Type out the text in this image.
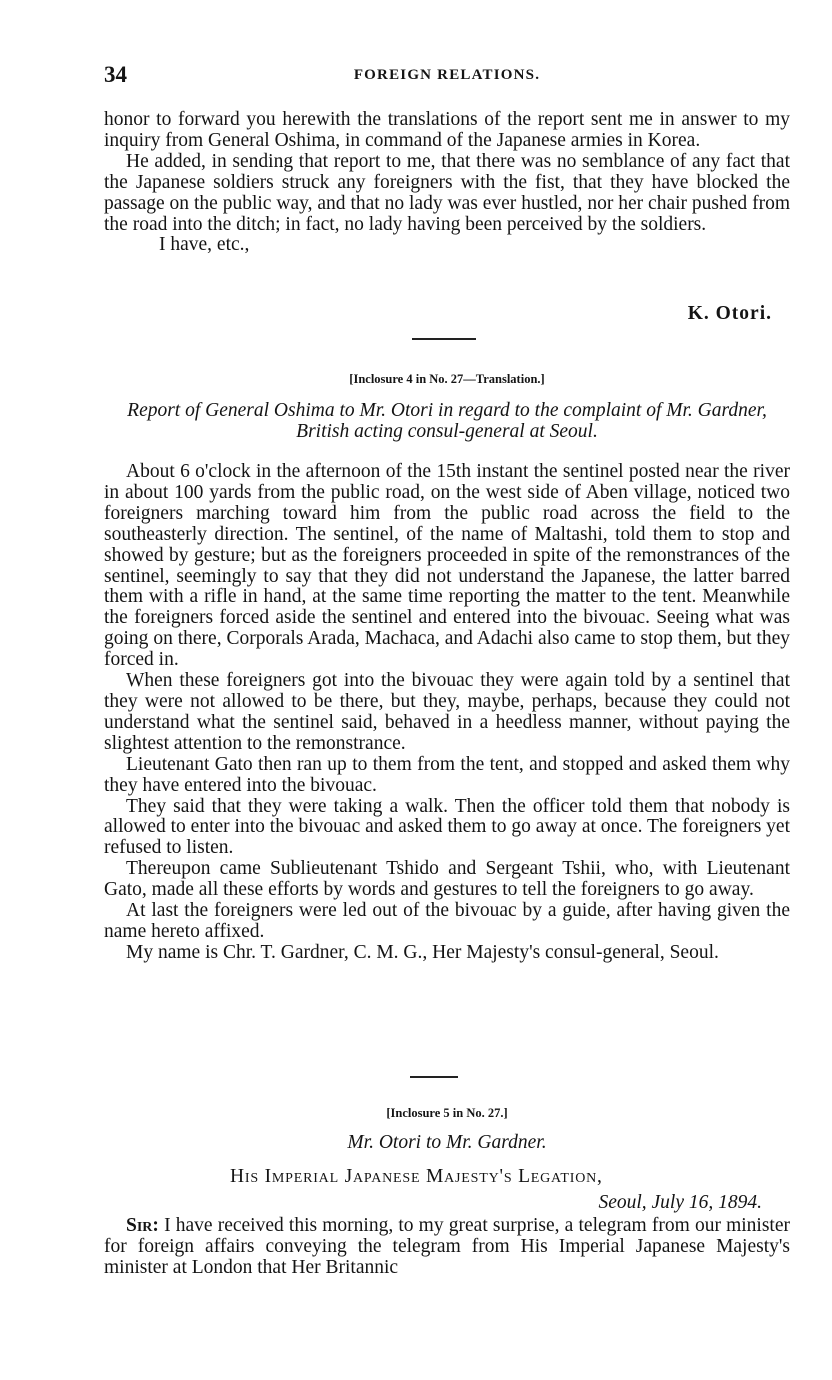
34	FOREIGN RELATIONS.

honor to forward you herewith the translations of the report sent me in answer to my inquiry from General Oshima, in command of the Japanese armies in Korea.

He added, in sending that report to me, that there was no semblance of any fact that the Japanese soldiers struck any foreigners with the fist, that they have blocked the passage on the public way, and that no lady was ever hustled, nor her chair pushed from the road into the ditch; in fact, no lady having been perceived by the soldiers.

I have, etc.,

K. Otori.
[Inclosure 4 in No. 27—Translation.]
Report of General Oshima to Mr. Otori in regard to the complaint of Mr. Gardner, British acting consul-general at Seoul.

About 6 o'clock in the afternoon of the 15th instant the sentinel posted near the river in about 100 yards from the public road, on the west side of Aben village, noticed two foreigners marching toward him from the public road across the field to the southeasterly direction. The sentinel, of the name of Maltashi, told them to stop and showed by gesture; but as the foreigners proceeded in spite of the remonstrances of the sentinel, seemingly to say that they did not understand the Japanese, the latter barred them with a rifle in hand, at the same time reporting the matter to the tent. Meanwhile the foreigners forced aside the sentinel and entered into the bivouac. Seeing what was going on there, Corporals Arada, Machaca, and Adachi also came to stop them, but they forced in.

When these foreigners got into the bivouac they were again told by a sentinel that they were not allowed to be there, but they, maybe, perhaps, because they could not understand what the sentinel said, behaved in a heedless manner, without paying the slightest attention to the remonstrance.

Lieutenant Gato then ran up to them from the tent, and stopped and asked them why they have entered into the bivouac.

They said that they were taking a walk. Then the officer told them that nobody is allowed to enter into the bivouac and asked them to go away at once. The foreigners yet refused to listen.

Thereupon came Sublieutenant Tshido and Sergeant Tshii, who, with Lieutenant Gato, made all these efforts by words and gestures to tell the foreigners to go away.

At last the foreigners were led out of the bivouac by a guide, after having given the name hereto affixed.

My name is Chr. T. Gardner, C. M. G., Her Majesty's consul-general, Seoul.

[Inclosure 5 in No. 27.]
Mr. Otori to Mr. Gardner.
His Imperial Japanese Majesty's Legation,
Seoul, July 16, 1894.

Sir: I have received this morning, to my great surprise, a telegram from our minister for foreign affairs conveying the telegram from His Imperial Japanese Majesty's minister at London that Her Britannic
